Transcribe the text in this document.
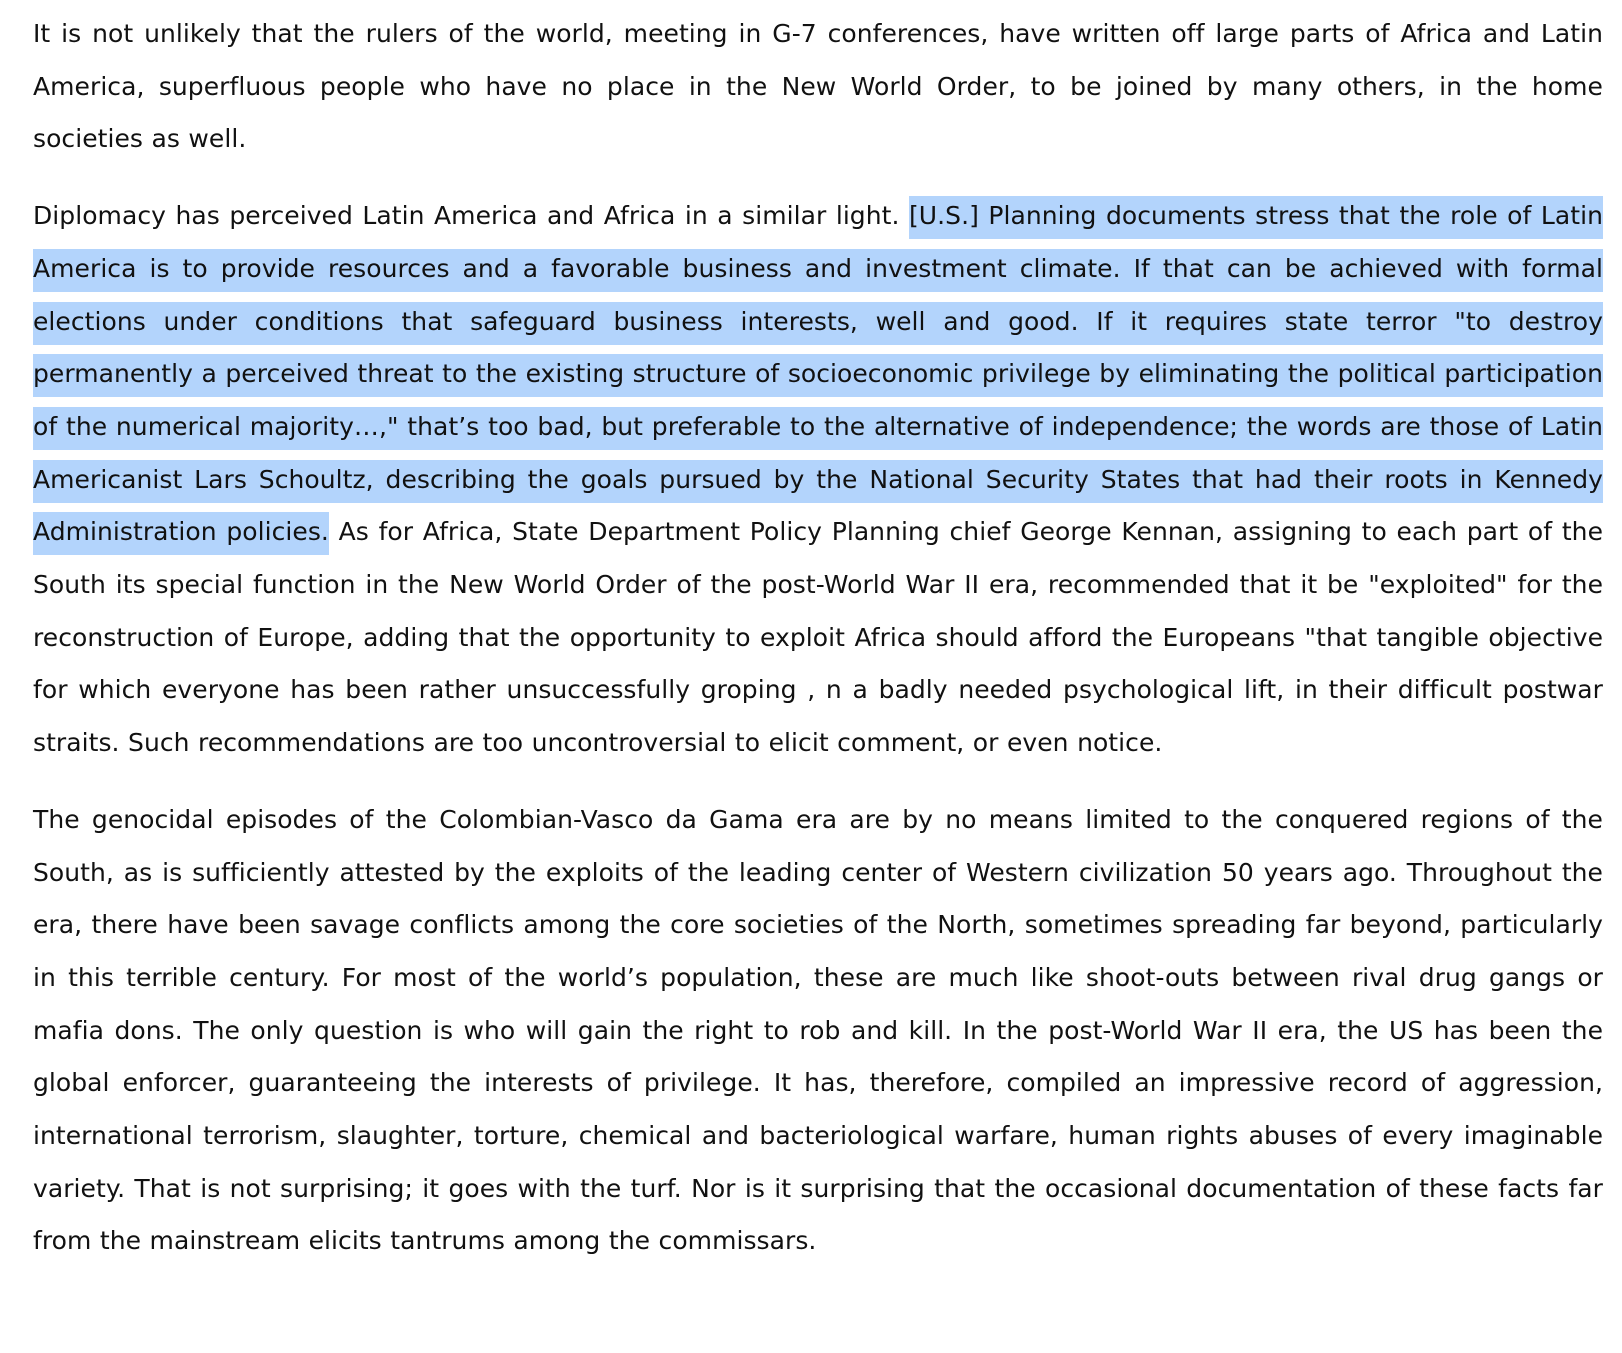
It is not unlikely that the rulers of the world, meeting in G-7 conferences, have written off large parts of Africa and Latin America, superfluous people who have no place in the New World Order, to be joined by many others, in the home societies as well.

Diplomacy has perceived Latin America and Africa in a similar light. [U.S.] Planning documents stress that the role of Latin America is to provide resources and a favorable business and investment climate. If that can be achieved with formal elections under conditions that safeguard business interests, well and good. If it requires state terror "to destroy permanently a perceived threat to the existing structure of socioeconomic privilege by eliminating the political participation of the numerical majority…," that’s too bad, but preferable to the alternative of independence; the words are those of Latin Americanist Lars Schoultz, describing the goals pursued by the National Security States that had their roots in Kennedy Administration policies. As for Africa, State Department Policy Planning chief George Kennan, assigning to each part of the South its special function in the New World Order of the post-World War II era, recommended that it be "exploited" for the reconstruction of Europe, adding that the opportunity to exploit Africa should afford the Europeans "that tangible objective for which everyone has been rather unsuccessfully groping , n a badly needed psychological lift, in their difficult postwar straits. Such recommendations are too uncontroversial to elicit comment, or even notice.

The genocidal episodes of the Colombian-Vasco da Gama era are by no means limited to the conquered regions of the South, as is sufficiently attested by the exploits of the leading center of Western civilization 50 years ago. Throughout the era, there have been savage conflicts among the core societies of the North, sometimes spreading far beyond, particularly in this terrible century. For most of the world’s population, these are much like shoot-outs between rival drug gangs or mafia dons. The only question is who will gain the right to rob and kill. In the post-World War II era, the US has been the global enforcer, guaranteeing the interests of privilege. It has, therefore, compiled an impressive record of aggression, international terrorism, slaughter, torture, chemical and bacteriological warfare, human rights abuses of every imaginable variety. That is not surprising; it goes with the turf. Nor is it surprising that the occasional documentation of these facts far from the mainstream elicits tantrums among the commissars.
